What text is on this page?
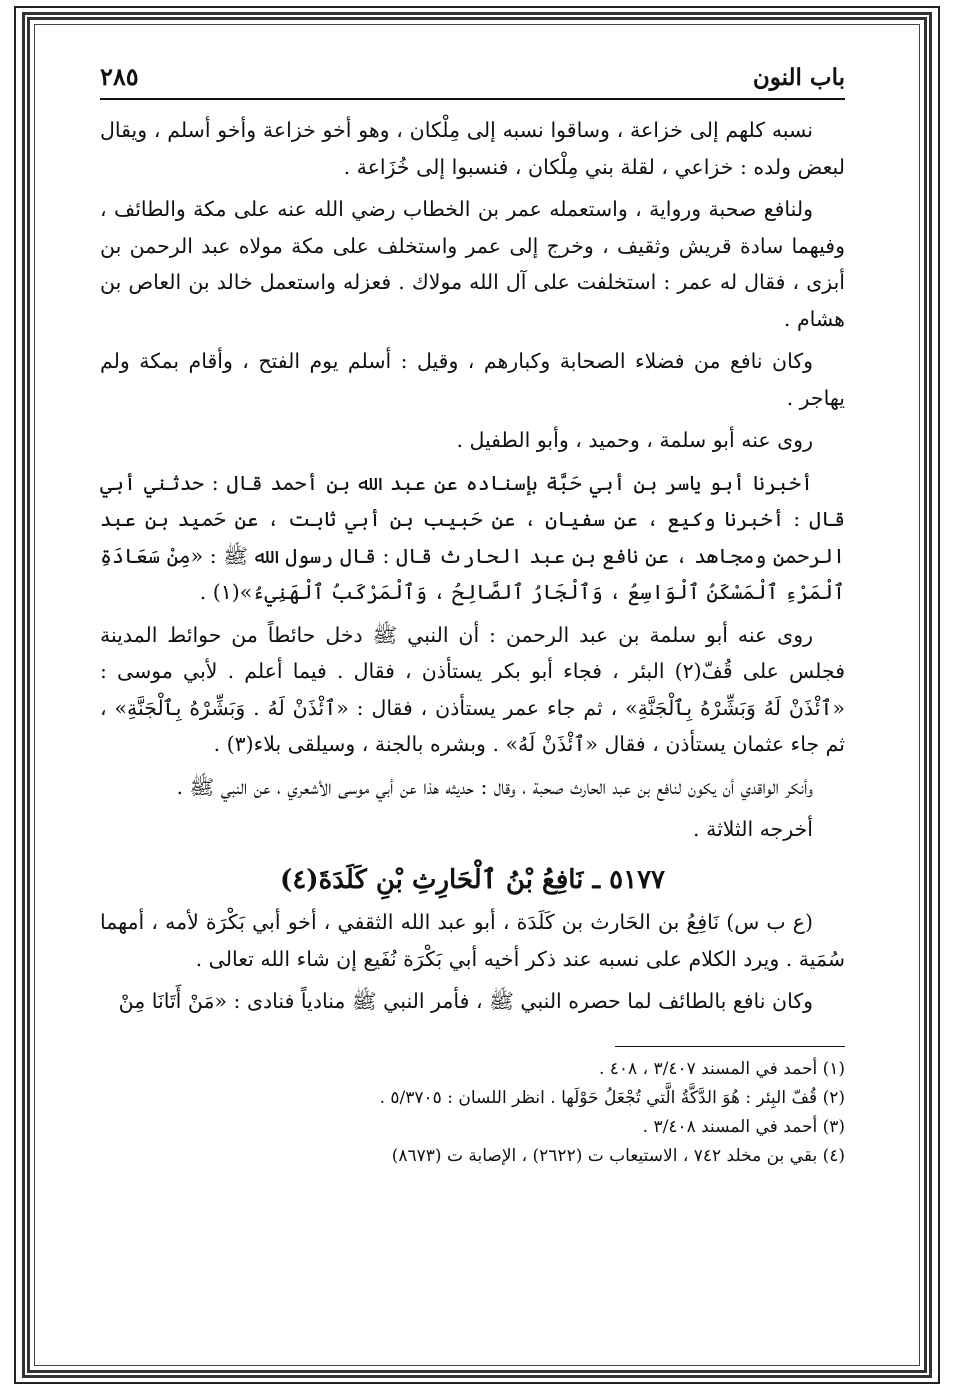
باب النون
٢٨٥

نسبه كلهم إلى خزاعة ، وساقوا نسبه إلى مِلْكان ، وهو أخو خزاعة وأخو أسلم ، ويقال لبعض ولده : خزاعي ، لقلة بني مِلْكان ، فنسبوا إلى خُزَاعة .

ولنافع صحبة ورواية ، واستعمله عمر بن الخطاب رضي الله عنه على مكة والطائف ، وفيهما سادة قريش وثقيف ، وخرج إلى عمر واستخلف على مكة مولاه عبد الرحمن بن أبزى ، فقال له عمر : استخلفت على آل الله مولاك . فعزله واستعمل خالد بن العاص بن هشام .

وكان نافع من فضلاء الصحابة وكبارهم ، وقيل : أسلم يوم الفتح ، وأقام بمكة ولم يهاجر .

روى عنه أبو سلمة ، وحميد ، وأبو الطفيل .

أخبرنا أبو ياسر بن أبي حَبَّة بإسناده عن عبد الله بن أحمد قال : حدثني أبي قال : أخبرنا وكيع ، عن سفيان ، عن حَبيب بن أبي ثابت ، عن حَميد بن عبد الرحمن ومجاهد ، عن نافع بن عبد الحارث قال : قال رسول الله ﷺ : «مِنْ سَعَادَةِ ٱلْمَرْءِ ٱلْمَسْكَنُ ٱلْوَاسِعُ ، وَٱلْجَارُ ٱلصَّالِحُ ، وَٱلْمَرْكَبُ ٱلْهَنِيءُ»(١) .

روى عنه أبو سلمة بن عبد الرحمن : أن النبي ﷺ دخل حائطاً من حوائط المدينة فجلس على قُفّ(٢) البئر ، فجاء أبو بكر يستأذن ، فقال . فيما أعلم . لأبي موسى : «ٱئْذَنْ لَهُ وَبَشِّرْهُ بِٱلْجَنَّةِ» ، ثم جاء عمر يستأذن ، فقال : «ٱئْذَنْ لَهُ . وَبَشِّرْهُ بِٱلْجَنَّةِ» ، ثم جاء عثمان يستأذن ، فقال «ٱئْذَنْ لَهُ» . وبشره بالجنة ، وسيلقى بلاء(٣) .

وأنكر الواقدي أن يكون لنافع بن عبد الحارث صحبة ، وقال : حديثه هذا عن أبي موسى الأشعري ، عن النبي ﷺ .

أخرجه الثلاثة .

٥١٧٧ ـ نَافِعُ بْنُ ٱلْحَارِثِ بْنِ كَلَدَةَ(٤)

(ع ب س) نَافِعُ بن الحَارث بن كَلَدَة ، أبو عبد الله الثقفي ، أخو أبي بَكْرَة لأمه ، أمهما سُمَية . ويرد الكلام على نسبه عند ذكر أخيه أبي بَكْرَة نُفَيع إن شاء الله تعالى .

وكان نافع بالطائف لما حصره النبي ﷺ ، فأمر النبي ﷺ منادياً فنادى : «مَنْ أَتَانَا مِنْ

(١) أحمد في المسند ٣/٤٠٧ ، ٤٠٨ .
(٢) قُفّ البِئر : هُوَ الدَّكَّةُ الَّتي تُجْعَلُ حَوْلَها . انظر اللسان : ٥/٣٧٠٥ .
(٣) أحمد في المسند ٣/٤٠٨ .
(٤) بقي بن مخلد ٧٤٢ ، الاستيعاب ت (٢٦٢٢) ، الإصابة ت (٨٦٧٣)
